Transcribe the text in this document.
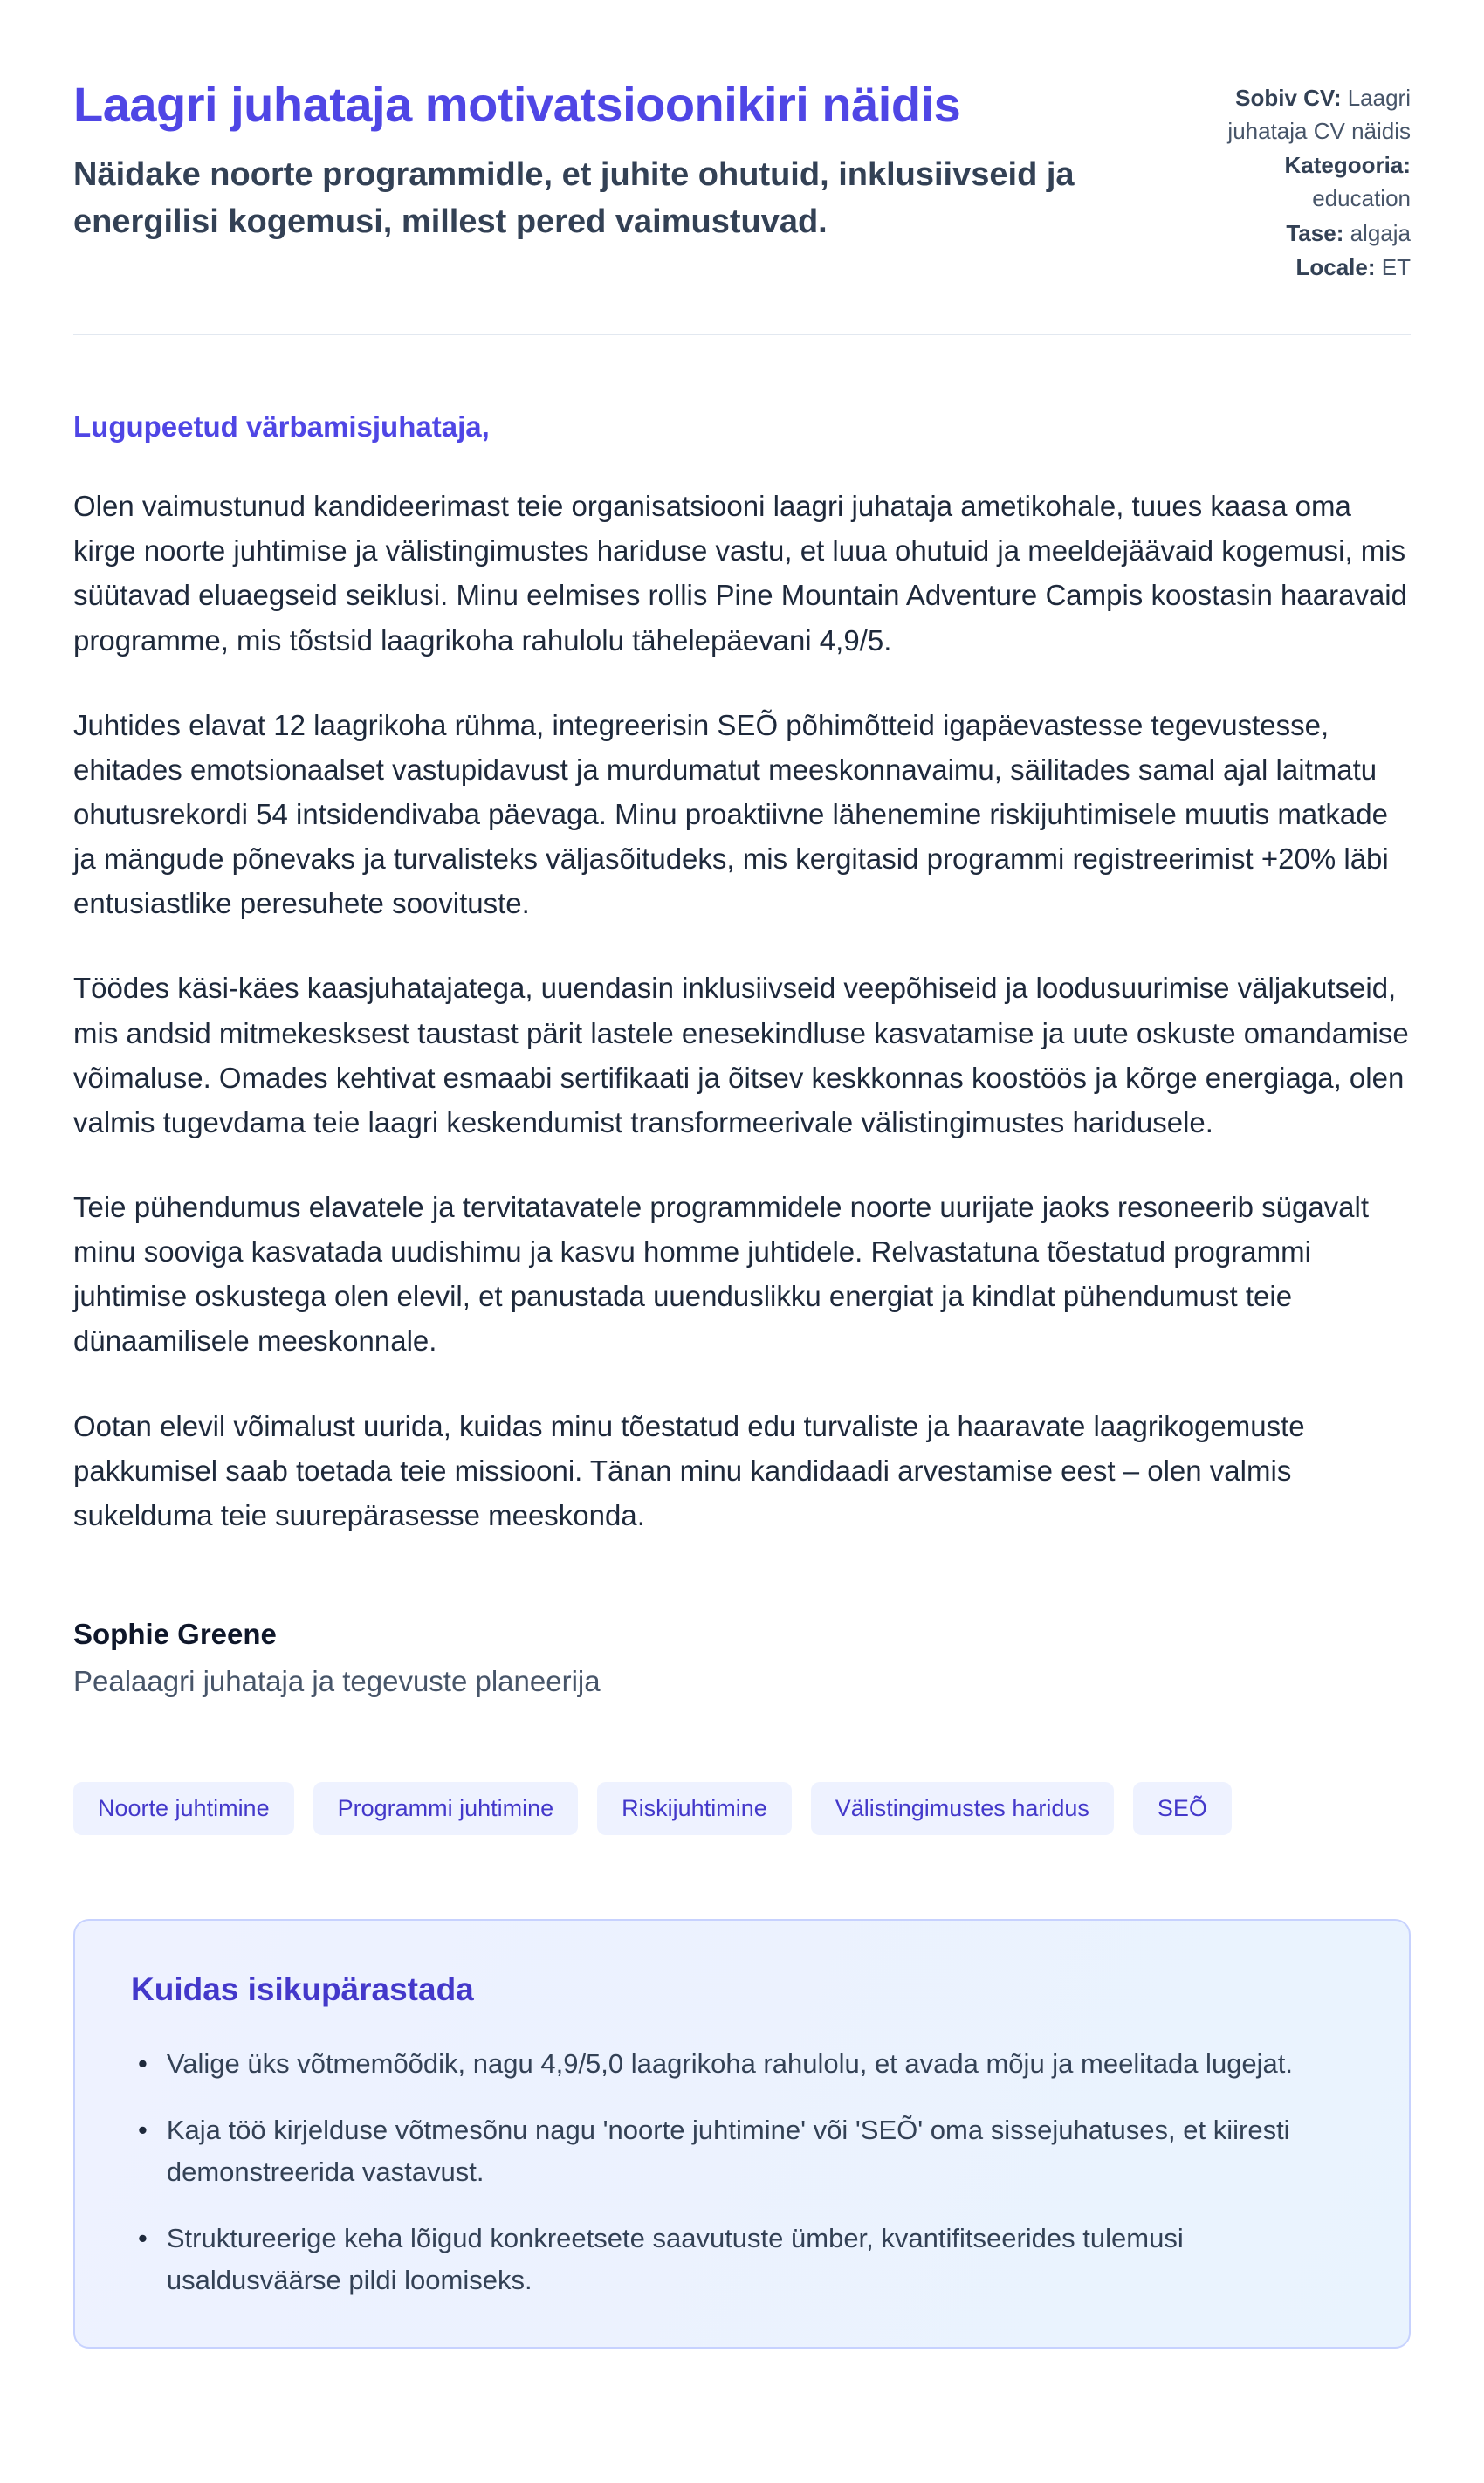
Laagri juhataja motivatsioonikiri näidis

Näidake noorte programmidle, et juhite ohutuid, inklusiivseid ja energilisi kogemusi, millest pered vaimustuvad.

Sobiv CV: Laagri juhataja CV näidis
Kategooria: education
Tase: algaja
Locale: ET

Lugupeetud värbamisjuhataja,

Olen vaimustunud kandideerimast teie organisatsiooni laagri juhataja ametikohale, tuues kaasa oma kirge noorte juhtimise ja välistingimustes hariduse vastu, et luua ohutuid ja meeldejäävaid kogemusi, mis süütavad eluaegseid seiklusi. Minu eelmises rollis Pine Mountain Adventure Campis koostasin haaravaid programme, mis tõstsid laagrikoha rahulolu tähelepäevani 4,9/5.

Juhtides elavat 12 laagrikoha rühma, integreerisin SEÕ põhimõtteid igapäevastesse tegevustesse, ehitades emotsionaalset vastupidavust ja murdumatut meeskonnavaimu, säilitades samal ajal laitmatu ohutusrekordi 54 intsidendivaba päevaga. Minu proaktiivne lähenemine riskijuhtimisele muutis matkade ja mängude põnevaks ja turvalisteks väljasõitudeks, mis kergitasid programmi registreerimist +20% läbi entusiastlike peresuhete soovituste.

Töödes käsi-käes kaasjuhatajatega, uuendasin inklusiivseid veepõhiseid ja loodusuurimise väljakutseid, mis andsid mitmekesksest taustast pärit lastele enesekindluse kasvatamise ja uute oskuste omandamise võimaluse. Omades kehtivat esmaabi sertifikaati ja õitsev keskkonnas koostöös ja kõrge energiaga, olen valmis tugevdama teie laagri keskendumist transformeerivale välistingimustes haridusele.

Teie pühendumus elavatele ja tervitatavatele programmidele noorte uurijate jaoks resoneerib sügavalt minu sooviga kasvatada uudishimu ja kasvu homme juhtidele. Relvastatuna tõestatud programmi juhtimise oskustega olen elevil, et panustada uuenduslikku energiat ja kindlat pühendumust teie dünaamilisele meeskonnale.

Ootan elevil võimalust uurida, kuidas minu tõestatud edu turvaliste ja haaravate laagrikogemuste pakkumisel saab toetada teie missiooni. Tänan minu kandidaadi arvestamise eest – olen valmis sukelduma teie suurepärasesse meeskonda.

Sophie Greene

Pealaagri juhataja ja tegevuste planeerija

Noorte juhtimine	Programmi juhtimine	Riskijuhtimine	Välistingimustes haridus	SEÕ
Kuidas isikupärastada
• Valige üks võtmemõõdik, nagu 4,9/5,0 laagrikoha rahulolu, et avada mõju ja meelitada lugejat.
• Kaja töö kirjelduse võtmesõnu nagu 'noorte juhtimine' või 'SEÕ' oma sissejuhatuses, et kiiresti demonstreerida vastavust.
• Struktureerige keha lõigud konkreetsete saavutuste ümber, kvantifitseerides tulemusi usaldusväärse pildi loomiseks.
